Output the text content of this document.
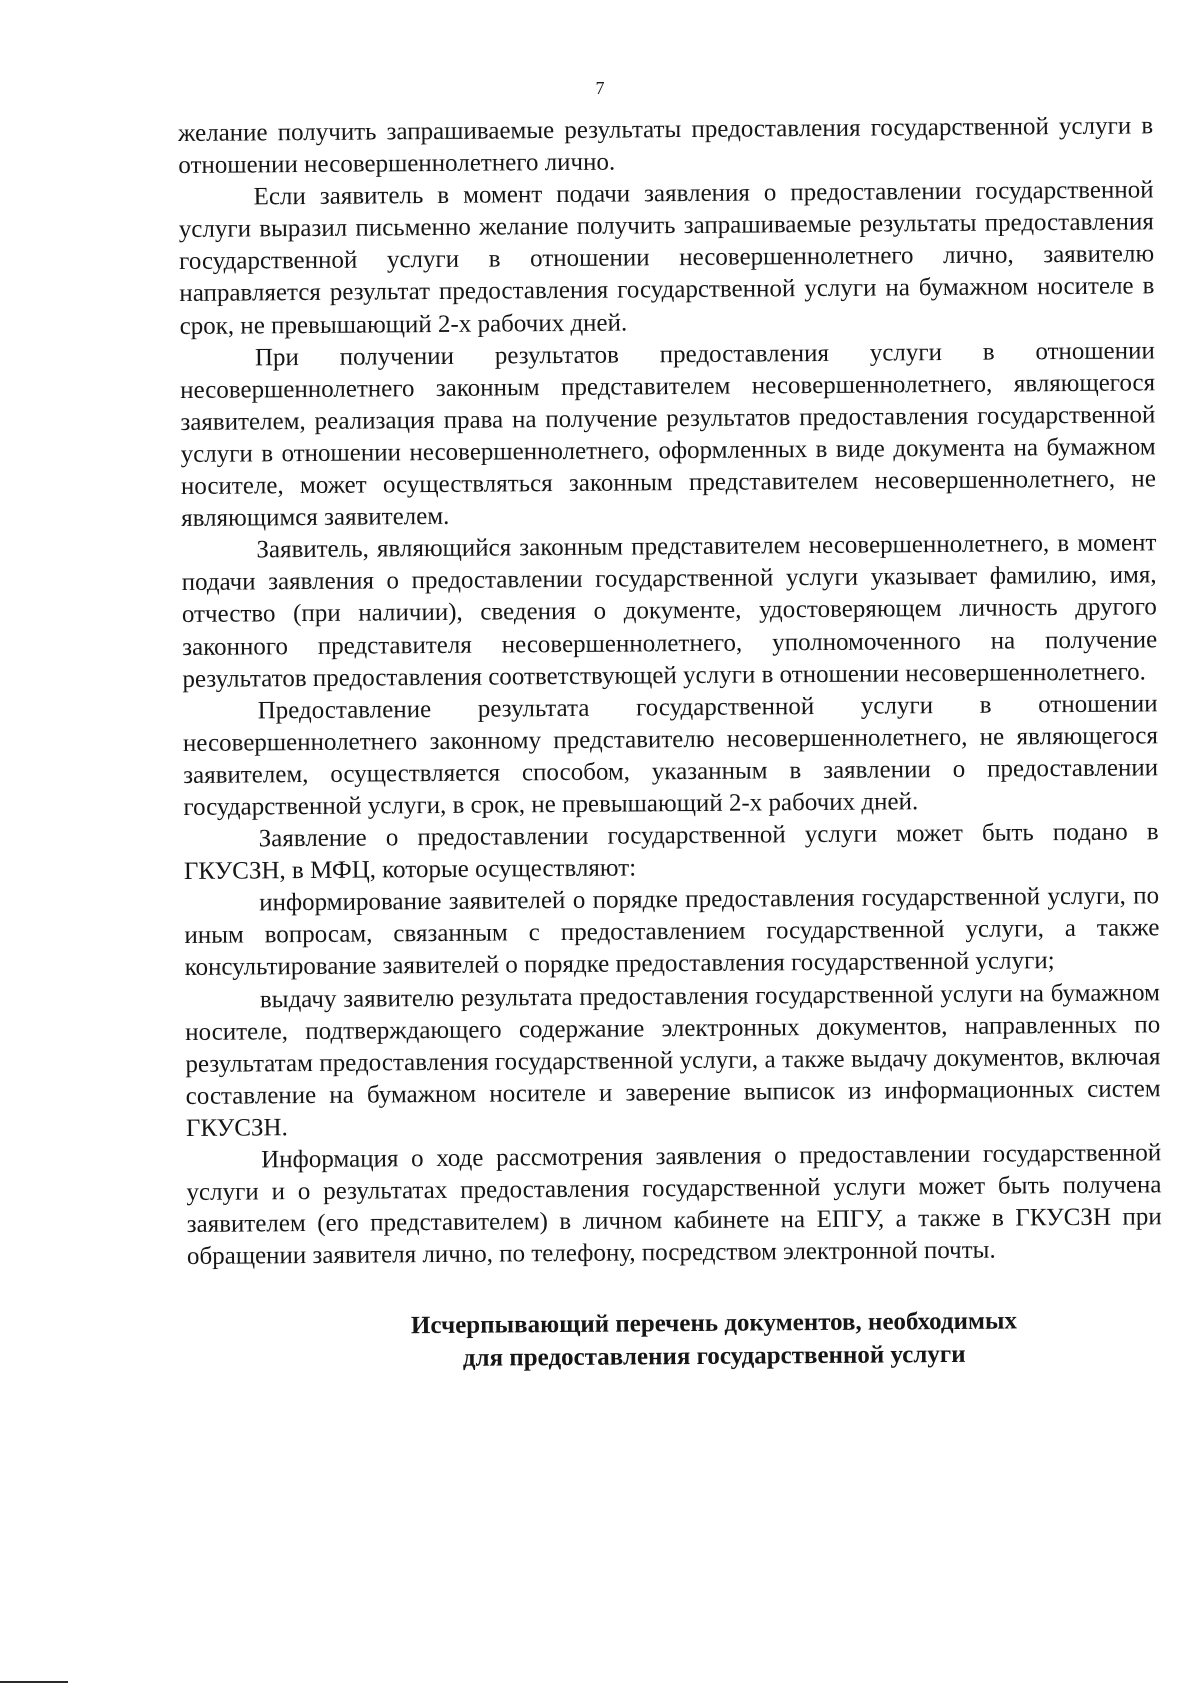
7

желание получить запрашиваемые результаты предоставления государственной услуги в отношении несовершеннолетнего лично.

Если заявитель в момент подачи заявления о предоставлении государственной услуги выразил письменно желание получить запрашиваемые результаты предоставления государственной услуги в отношении несовершеннолетнего лично, заявителю направляется результат предоставления государственной услуги на бумажном носителе в срок, не превышающий 2-х рабочих дней.

При получении результатов предоставления услуги в отношении несовершеннолетнего законным представителем несовершеннолетнего, являющегося заявителем, реализация права на получение результатов предоставления государственной услуги в отношении несовершеннолетнего, оформленных в виде документа на бумажном носителе, может осуществляться законным представителем несовершеннолетнего, не являющимся заявителем.

Заявитель, являющийся законным представителем несовершеннолетнего, в момент подачи заявления о предоставлении государственной услуги указывает фамилию, имя, отчество (при наличии), сведения о документе, удостоверяющем личность другого законного представителя несовершеннолетнего, уполномоченного на получение результатов предоставления соответствующей услуги в отношении несовершеннолетнего.

Предоставление результата государственной услуги в отношении несовершеннолетнего законному представителю несовершеннолетнего, не являющегося заявителем, осуществляется способом, указанным в заявлении о предоставлении государственной услуги, в срок, не превышающий 2-х рабочих дней.

Заявление о предоставлении государственной услуги может быть подано в ГКУСЗН, в МФЦ, которые осуществляют:

информирование заявителей о порядке предоставления государственной услуги, по иным вопросам, связанным с предоставлением государственной услуги, а также консультирование заявителей о порядке предоставления государственной услуги;

выдачу заявителю результата предоставления государственной услуги на бумажном носителе, подтверждающего содержание электронных документов, направленных по результатам предоставления государственной услуги, а также выдачу документов, включая составление на бумажном носителе и заверение выписок из информационных систем ГКУСЗН.

Информация о ходе рассмотрения заявления о предоставлении государственной услуги и о результатах предоставления государственной услуги может быть получена заявителем (его представителем) в личном кабинете на ЕПГУ, а также в ГКУСЗН при обращении заявителя лично, по телефону, посредством электронной почты.

Исчерпывающий перечень документов, необходимых
для предоставления государственной услуги
